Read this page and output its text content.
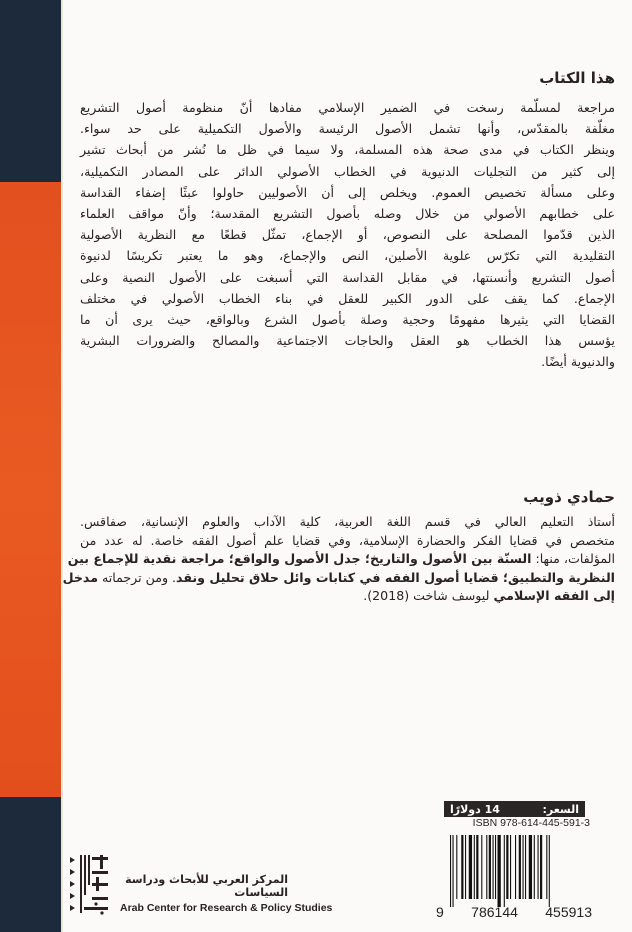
هذا الكتاب
مراجعة لمسلّمة رسخت في الضمير الإسلامي مفادها أنّ منظومة أصول التشريع
مغلّفة بالمقدّس، وأنها تشمل الأصول الرئيسة والأصول التكميلية على حد سواء.
وينظر الكتاب في مدى صحة هذه المسلمة، ولا سيما في ظل ما نُشر من أبحاث تشير
إلى كثير من التجليات الدنيوية في الخطاب الأصولي الدائر على المصادر التكميلية،
وعلى مسألة تخصيص العموم. ويخلص إلى أن الأصوليين حاولوا عبثًا إضفاء القداسة
على خطابهم الأصولي من خلال وصله بأصول التشريع المقدسة؛ وأنّ مواقف العلماء
الذين قدّموا المصلحة على النصوص، أو الإجماع، تمثّل قطعًا مع النظرية الأصولية
التقليدية التي تكرّس علوية الأصلين، النص والإجماع، وهو ما يعتبر تكريسًا لدنيوة
أصول التشريع وأنسنتها، في مقابل القداسة التي أسبغت على الأصول النصية وعلى
الإجماع. كما يقف على الدور الكبير للعقل في بناء الخطاب الأصولي في مختلف
القضايا التي يثيرها مفهومًا وحجية وصلة بأصول الشرع وبالواقع، حيث يرى أن ما
يؤسس هذا الخطاب هو العقل والحاجات الاجتماعية والمصالح والضرورات البشرية
والدنيوية أيضًا.
حمادي ذويب
أستاذ التعليم العالي في قسم اللغة العربية، كلية الآداب والعلوم الإنسانية، صفاقس.
متخصص في قضايا الفكر والحضارة الإسلامية، وفي قضايا علم أصول الفقه خاصة. له عدد من
المؤلفات، منها: السنّة بين الأصول والتاريخ؛ جدل الأصول والواقع؛ مراجعة نقدية للإجماع بين
النظرية والتطبيق؛ قضايا أصول الفقه في كتابات وائل حلاق تحليل ونقد. ومن ترجماته مدخل
إلى الفقه الإسلامي ليوسف شاخت (2018).
السعر:
14 دولارًا
ISBN 978-614-445-591-3
9 786144 455913
المركز العربي للأبحاث ودراسة السياسات
Arab Center for Research & Policy Studies
